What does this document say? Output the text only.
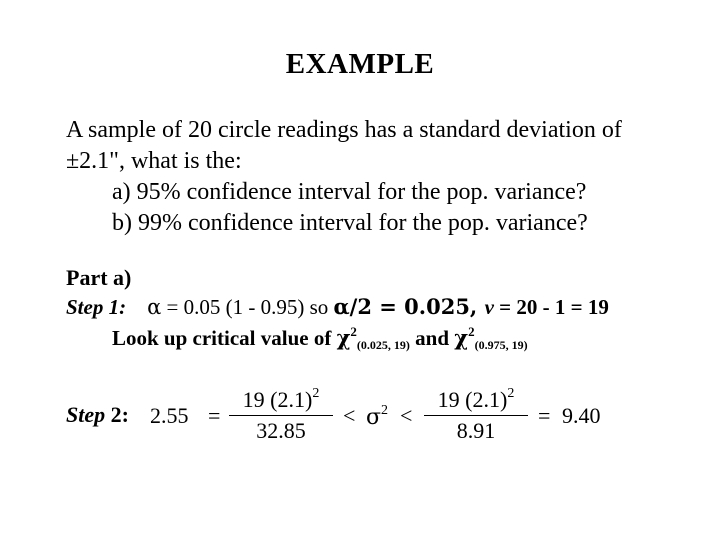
EXAMPLE
A sample of 20 circle readings has a standard deviation of
±2.1", what is the:
a) 95% confidence interval for the pop. variance?
b) 99% confidence interval for the pop. variance?
Part a)
Step 1: α = 0.05 (1 - 0.95) so α/2 = 0.025, v = 20 - 1 = 19
Look up critical value of $\chi^2_{(0.025, 19)}$ and $\chi^2_{(0.975, 19)}$
Step 2: 2.55 =
19 $(2.1)^2$
32.85
< $\sigma^2$ <
19 $(2.1)^2$
8.91
= 9.40
